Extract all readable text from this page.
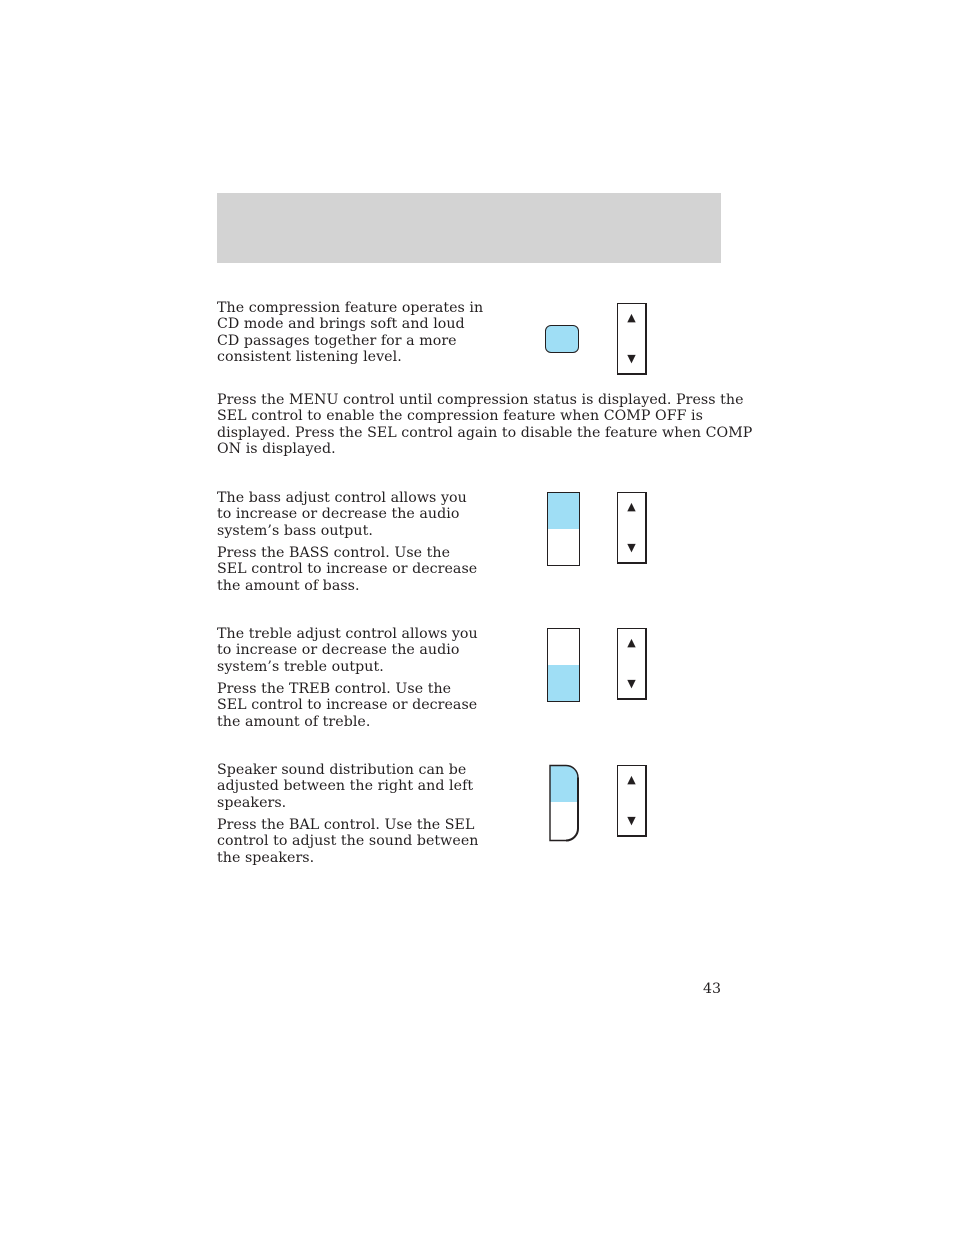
The compression feature operates in
CD mode and brings soft and loud
CD passages together for a more
consistent listening level.

▲
▼

Press the MENU control until compression status is displayed. Press the
SEL control to enable the compression feature when COMP OFF is
displayed. Press the SEL control again to disable the feature when COMP
ON is displayed.

The bass adjust control allows you
to increase or decrease the audio
system’s bass output.

Press the BASS control. Use the
SEL control to increase or decrease
the amount of bass.

▲
▼

The treble adjust control allows you
to increase or decrease the audio
system’s treble output.

Press the TREB control. Use the
SEL control to increase or decrease
the amount of treble.

▲
▼

Speaker sound distribution can be
adjusted between the right and left
speakers.

Press the BAL control. Use the SEL
control to adjust the sound between
the speakers.

▲
▼
43
